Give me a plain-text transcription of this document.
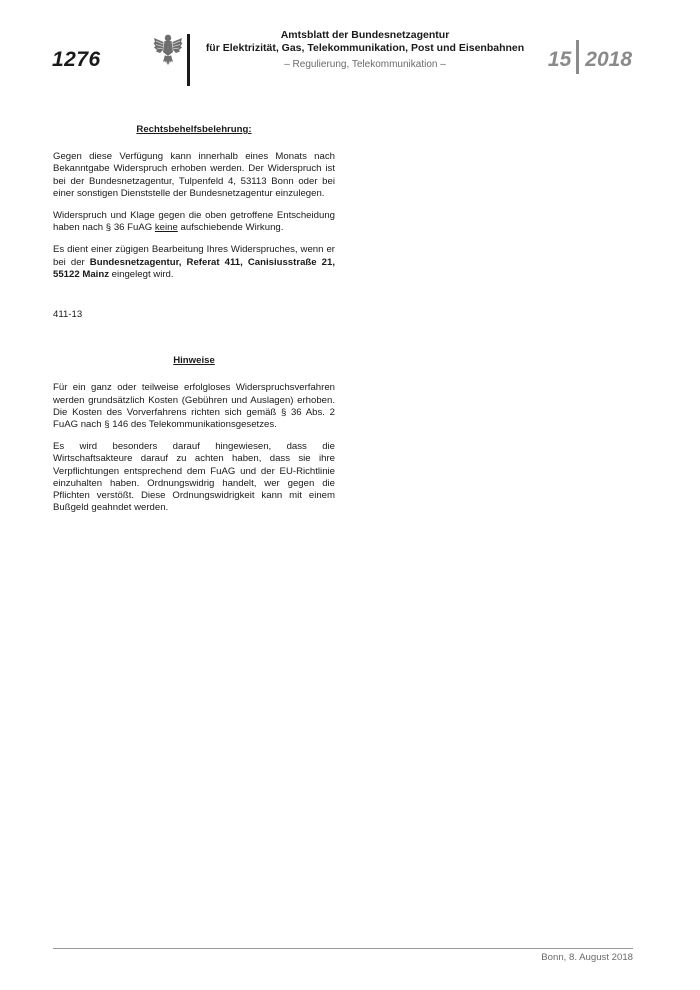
1276
Amtsblatt der Bundesnetzagentur
für Elektrizität, Gas, Telekommunikation, Post und Eisenbahnen
– Regulierung, Telekommunikation –	15 2018

Rechtsbehelfsbelehrung:

Gegen diese Verfügung kann innerhalb eines Monats nach Bekanntgabe Widerspruch erhoben werden. Der Widerspruch ist bei der Bundesnetzagentur, Tulpenfeld 4, 53113 Bonn oder bei einer sonstigen Dienststelle der Bundesnetzagentur einzulegen.

Widerspruch und Klage gegen die oben getroffene Entscheidung haben nach § 36 FuAG keine aufschiebende Wirkung.

Es dient einer zügigen Bearbeitung Ihres Widerspruches, wenn er bei der Bundesnetzagentur, Referat 411, Canisiusstraße 21, 55122 Mainz eingelegt wird.

411-13

Hinweise

Für ein ganz oder teilweise erfolgloses Widerspruchsverfahren werden grundsätzlich Kosten (Gebühren und Auslagen) erhoben. Die Kosten des Vorverfahrens richten sich gemäß § 36 Abs. 2 FuAG nach § 146 des Telekommunikationsgesetzes.

Es wird besonders darauf hingewiesen, dass die Wirtschaftsakteure darauf zu achten haben, dass sie ihre Verpflichtungen entsprechend dem FuAG und der EU-Richtlinie einzuhalten haben. Ordnungswidrig handelt, wer gegen die Pflichten verstößt. Diese Ordnungswidrigkeit kann mit einem Bußgeld geahndet werden.

Bonn, 8. August 2018
